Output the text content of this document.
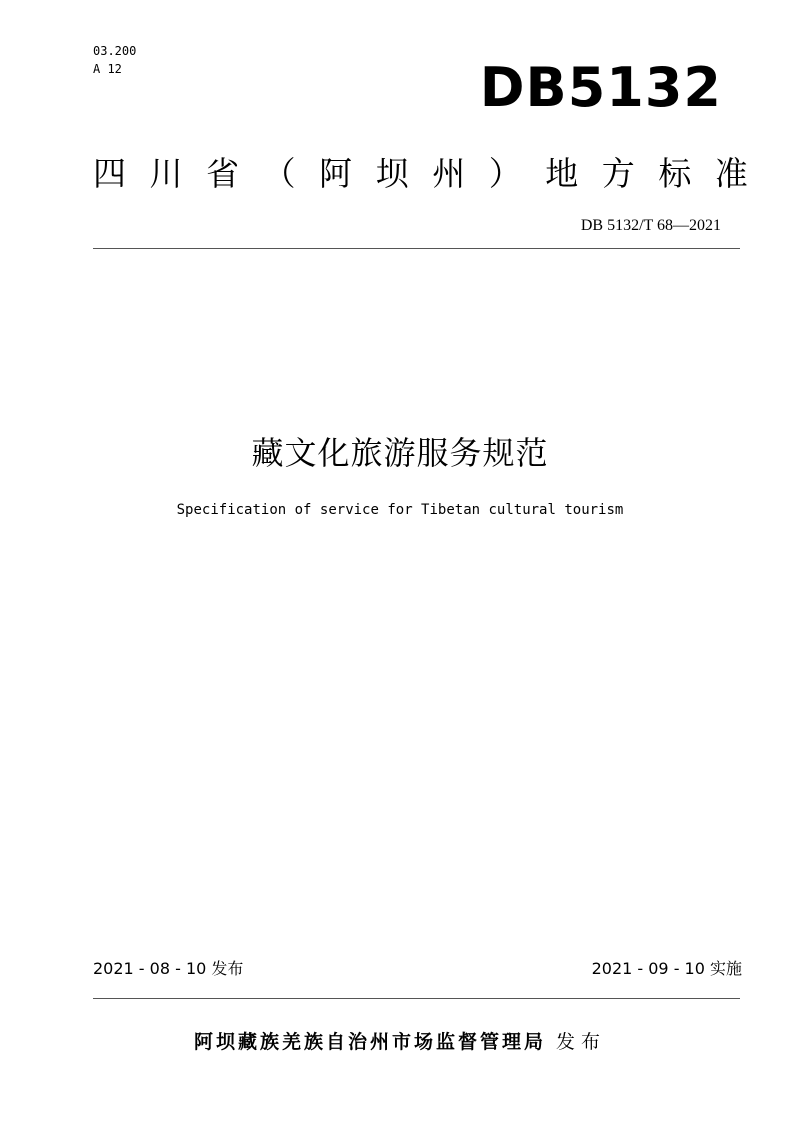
03.200
A 12	DB5132
四 川 省 （ 阿 坝 州 ） 地 方 标 准
DB 5132/T 68—2021
藏文化旅游服务规范
Specification of service for Tibetan cultural tourism
2021 - 08 - 10 发布	2021 - 09 - 10 实施
阿坝藏族羌族自治州市场监督管理局 发布
